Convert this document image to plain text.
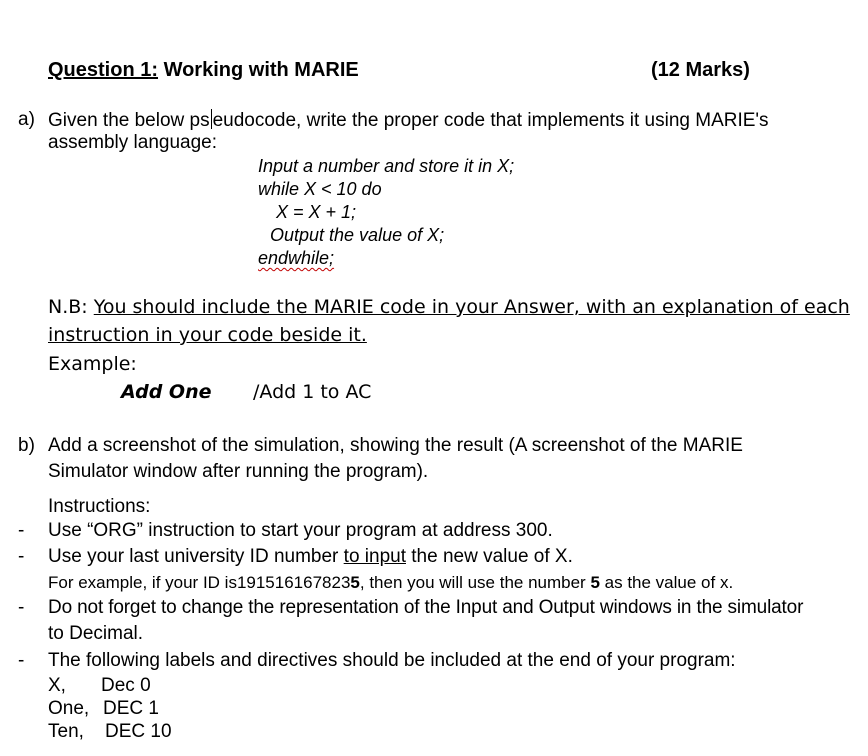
Question 1: Working with MARIE	(12 Marks)
a) Given the below ps eudocode, write the proper code that implements it using MARIE's
assembly language:
Input a number and store it in X;
while X < 10 do
X = X + 1;
Output the value of X;
endwhile;
N.B: You should include the MARIE code in your Answer, with an explanation of each
instruction in your code beside it.
Example:
Add One /Add 1 to AC
b) Add a screenshot of the simulation, showing the result (A screenshot of the MARIE
Simulator window after running the program).
Instructions:
- Use “ORG” instruction to start your program at address 300.
- Use your last university ID number to input the new value of X.
For example, if your ID is1915161678235, then you will use the number 5 as the value of x.
- Do not forget to change the representation of the Input and Output windows in the simulator
to Decimal.
- The following labels and directives should be included at the end of your program:
X, Dec 0
One, DEC 1
Ten, DEC 10
